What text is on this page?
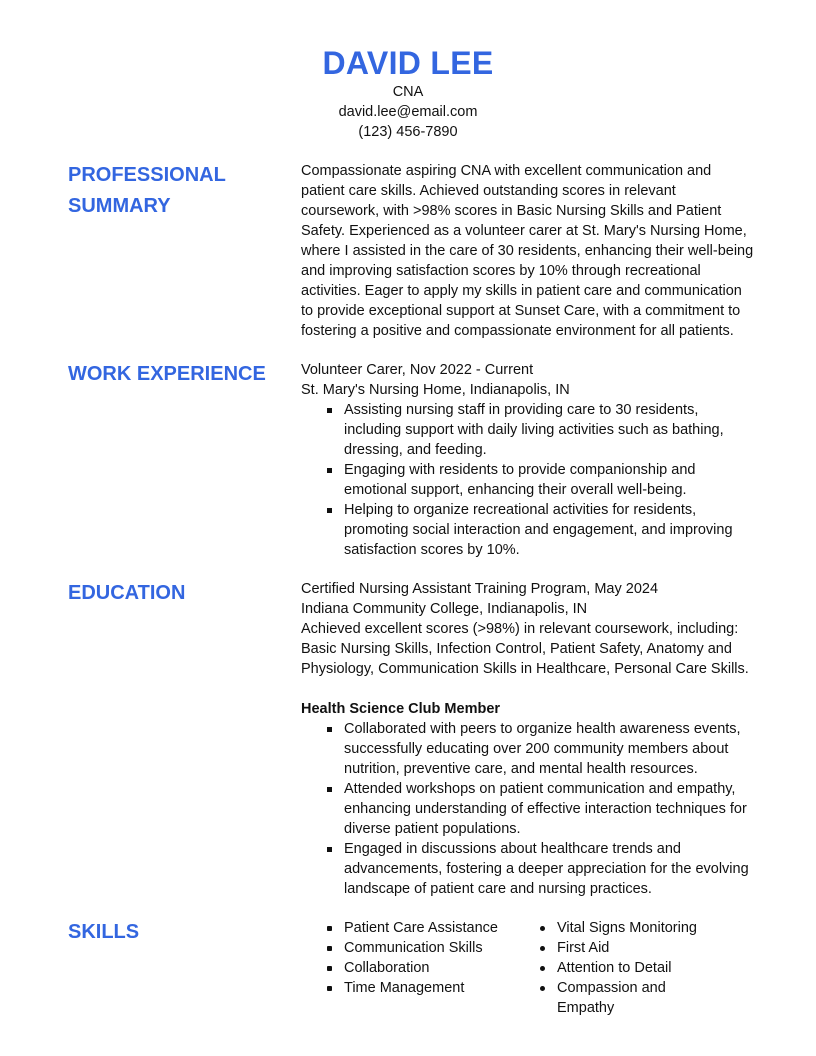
DAVID LEE
CNA
david.lee@email.com
(123) 456-7890
PROFESSIONAL
SUMMARY

Compassionate aspiring CNA with excellent communication and patient care skills. Achieved outstanding scores in relevant coursework, with >98% scores in Basic Nursing Skills and Patient Safety. Experienced as a volunteer carer at St. Mary's Nursing Home, where I assisted in the care of 30 residents, enhancing their well-being and improving satisfaction scores by 10% through recreational activities. Eager to apply my skills in patient care and communication to provide exceptional support at Sunset Care, with a commitment to fostering a positive and compassionate environment for all patients.

WORK EXPERIENCE	Volunteer Carer, Nov 2022 - Current
St. Mary's Nursing Home, Indianapolis, IN
Assisting nursing staff in providing care to 30 residents, including support with daily living activities such as bathing, dressing, and feeding.
Engaging with residents to provide companionship and emotional support, enhancing their overall well-being.
Helping to organize recreational activities for residents, promoting social interaction and engagement, and improving satisfaction scores by 10%.
EDUCATION	Certified Nursing Assistant Training Program, May 2024
Indiana Community College, Indianapolis, IN

Achieved excellent scores (>98%) in relevant coursework, including: Basic Nursing Skills, Infection Control, Patient Safety, Anatomy and Physiology, Communication Skills in Healthcare, Personal Care Skills.

Health Science Club Member
Collaborated with peers to organize health awareness events, successfully educating over 200 community members about nutrition, preventive care, and mental health resources.
Attended workshops on patient communication and empathy, enhancing understanding of effective interaction techniques for diverse patient populations.
Engaged in discussions about healthcare trends and advancements, fostering a deeper appreciation for the evolving landscape of patient care and nursing practices.
SKILLS	Patient Care Assistance
Communication Skills
Collaboration
Time Management
Vital Signs Monitoring
First Aid
Attention to Detail
Compassion and Empathy
